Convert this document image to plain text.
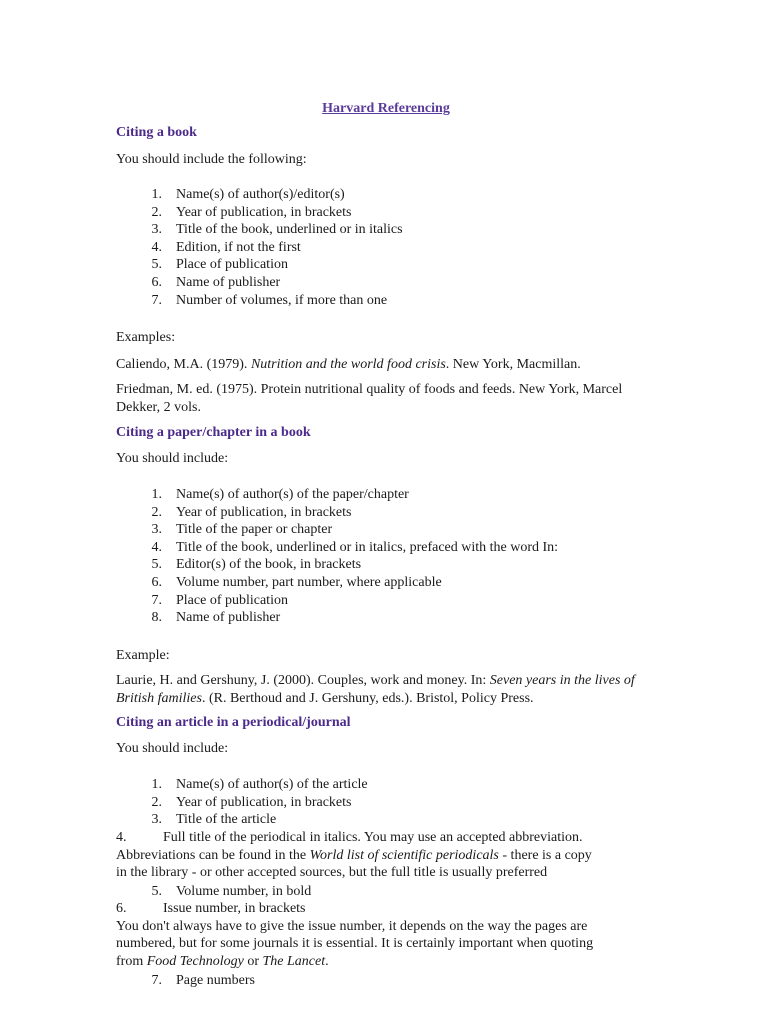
Harvard Referencing
Citing a book
You should include the following:
1. Name(s) of author(s)/editor(s)
2. Year of publication, in brackets
3. Title of the book, underlined or in italics
4. Edition, if not the first
5. Place of publication
6. Name of publisher
7. Number of volumes, if more than one
Examples:
Caliendo, M.A. (1979). Nutrition and the world food crisis. New York, Macmillan.
Friedman, M. ed. (1975). Protein nutritional quality of foods and feeds. New York, Marcel Dekker, 2 vols.
Citing a paper/chapter in a book
You should include:
1. Name(s) of author(s) of the paper/chapter
2. Year of publication, in brackets
3. Title of the paper or chapter
4. Title of the book, underlined or in italics, prefaced with the word In:
5. Editor(s) of the book, in brackets
6. Volume number, part number, where applicable
7. Place of publication
8. Name of publisher
Example:
Laurie, H. and Gershuny, J. (2000). Couples, work and money. In: Seven years in the lives of British families. (R. Berthoud and J. Gershuny, eds.). Bristol, Policy Press.
Citing an article in a periodical/journal
You should include:
1. Name(s) of author(s) of the article
2. Year of publication, in brackets
3. Title of the article
4.	Full title of the periodical in italics. You may use an accepted abbreviation.
Abbreviations can be found in the World list of scientific periodicals - there is a copy
in the library - or other accepted sources, but the full title is usually preferred
5. Volume number, in bold
6.	Issue number, in brackets
You don't always have to give the issue number, it depends on the way the pages are
numbered, but for some journals it is essential. It is certainly important when quoting
from Food Technology or The Lancet.
7. Page numbers
